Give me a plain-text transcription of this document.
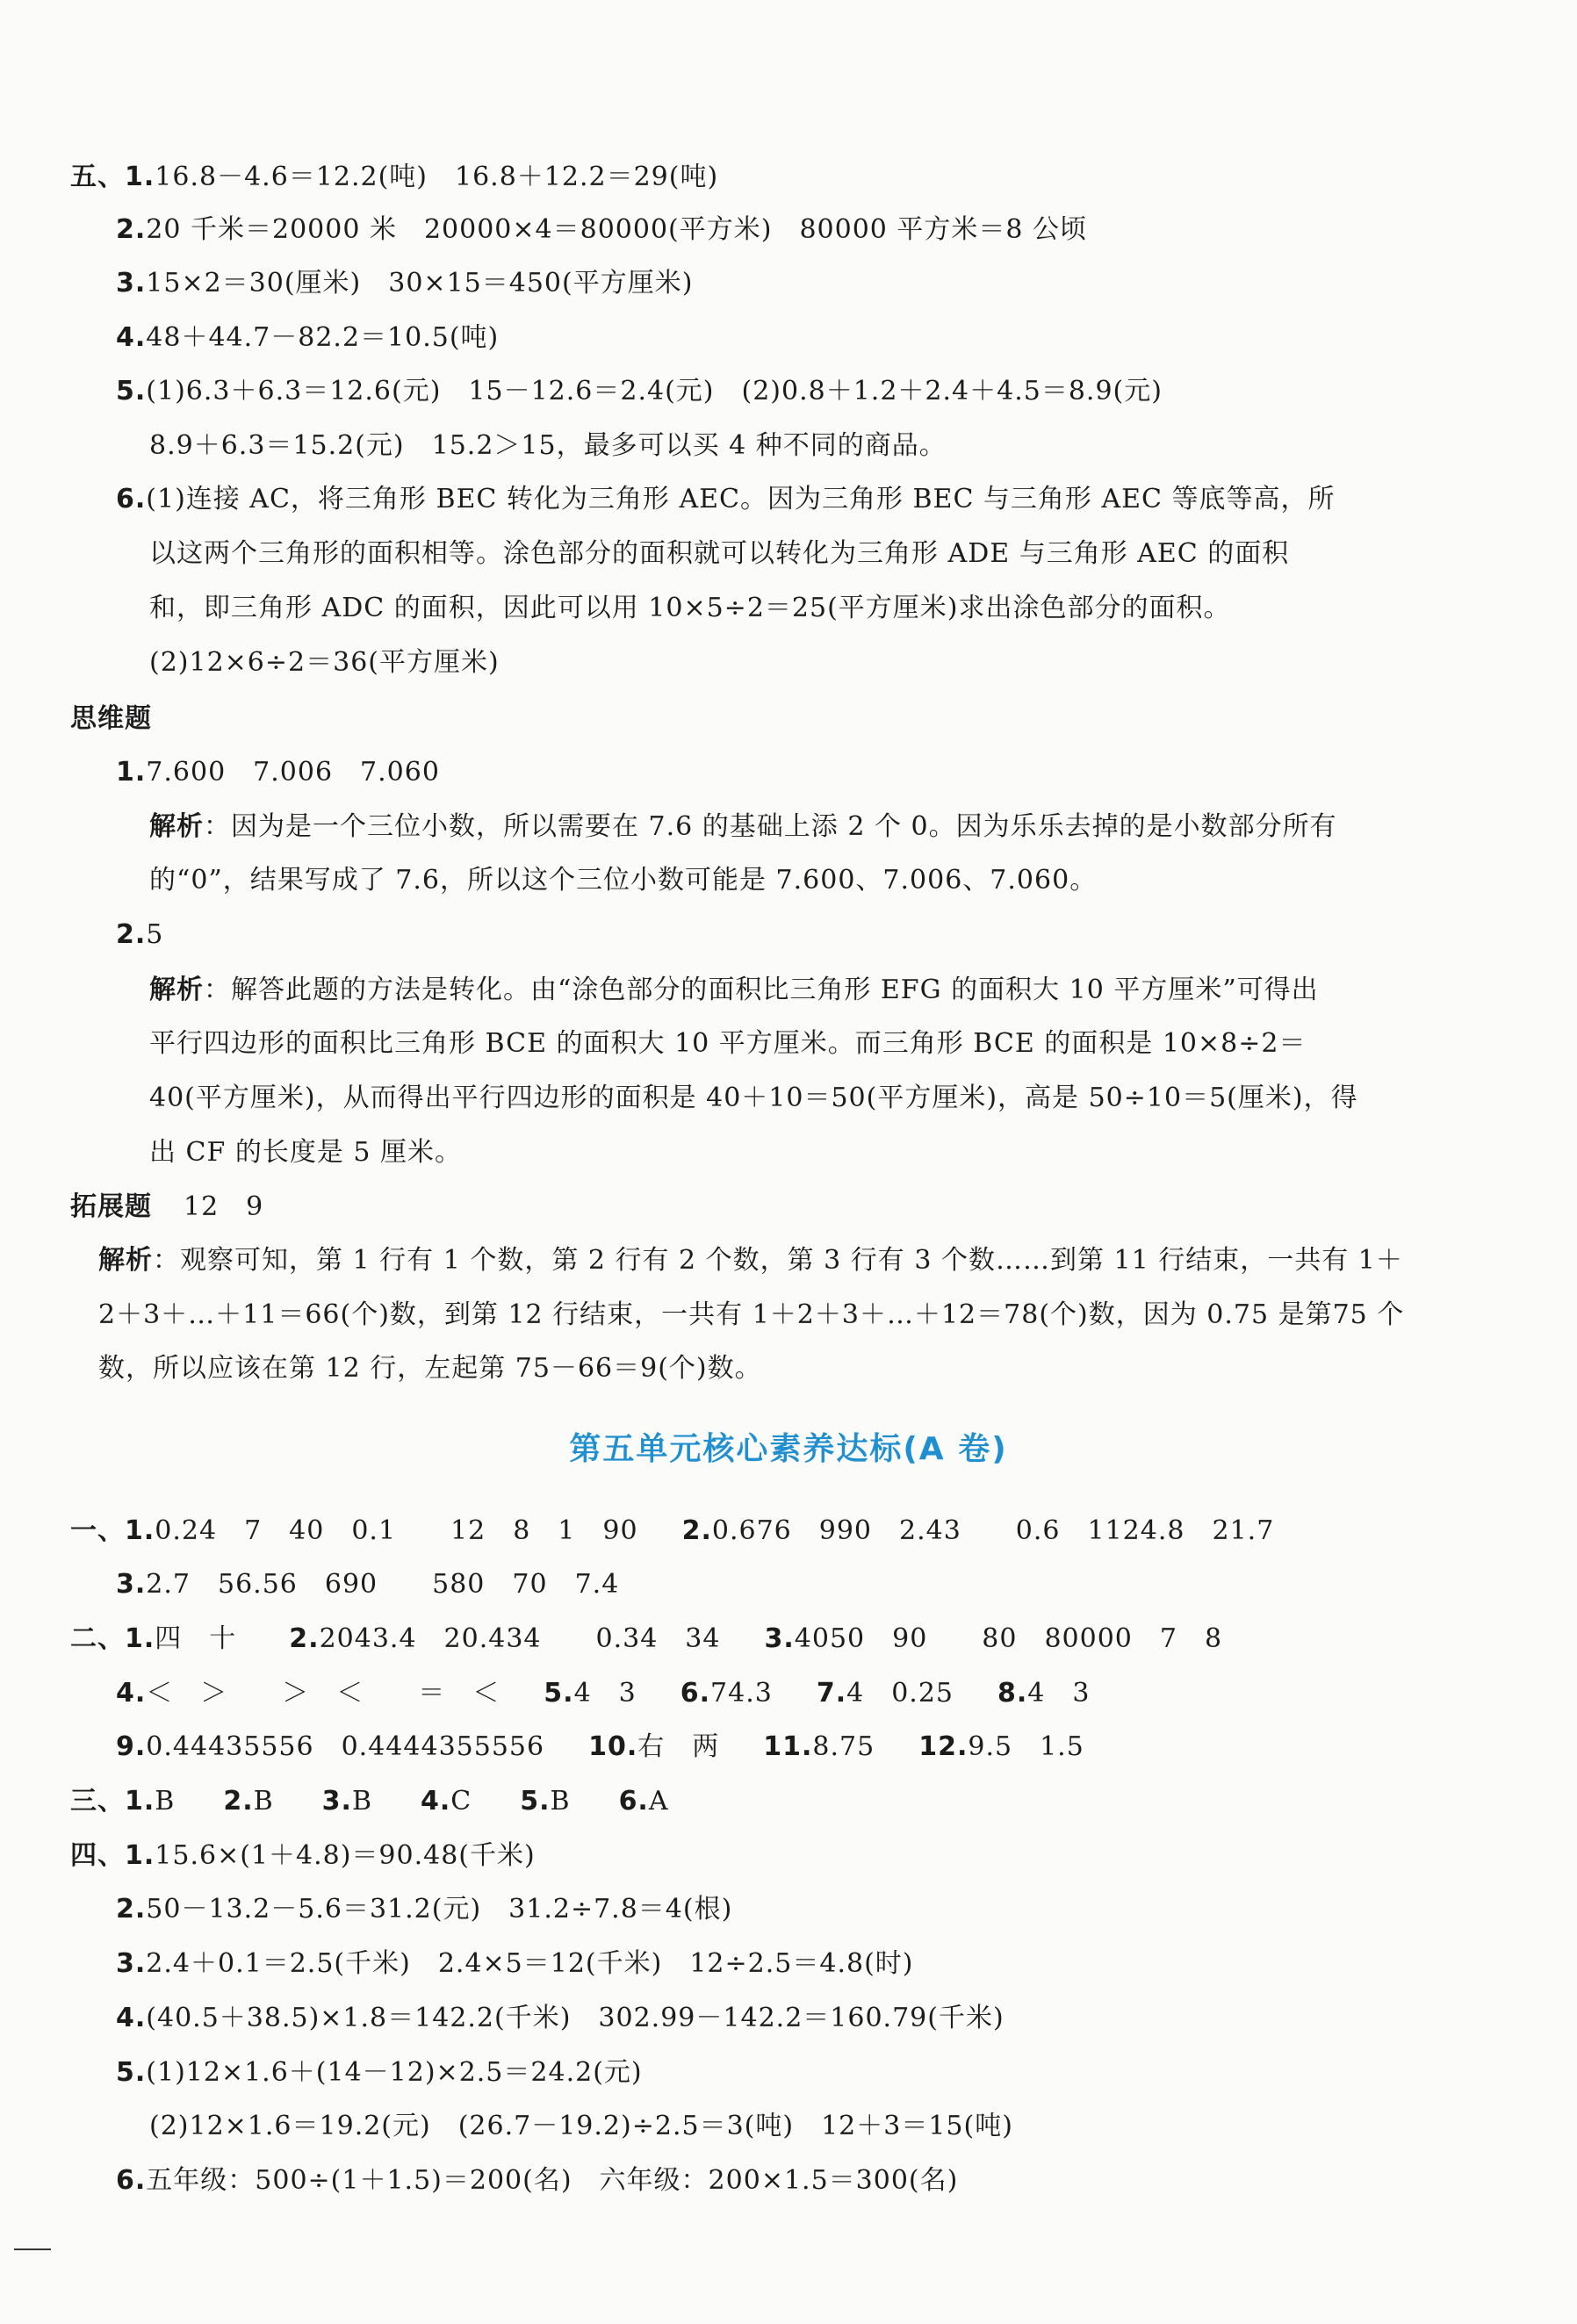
五、1.16.8－4.6＝12.2(吨)　16.8＋12.2＝29(吨)
2.20 千米＝20000 米　20000×4＝80000(平方米)　80000 平方米＝8 公顷
3.15×2＝30(厘米)　30×15＝450(平方厘米)
4.48＋44.7－82.2＝10.5(吨)
5.(1)6.3＋6.3＝12.6(元)　15－12.6＝2.4(元)　(2)0.8＋1.2＋2.4＋4.5＝8.9(元)
8.9＋6.3＝15.2(元)　15.2＞15，最多可以买 4 种不同的商品。
6.(1)连接 AC，将三角形 BEC 转化为三角形 AEC。因为三角形 BEC 与三角形 AEC 等底等高，所
以这两个三角形的面积相等。涂色部分的面积就可以转化为三角形 ADE 与三角形 AEC 的面积
和，即三角形 ADC 的面积，因此可以用 10×5÷2＝25(平方厘米)求出涂色部分的面积。
(2)12×6÷2＝36(平方厘米)
思维题
1.7.600　7.006　7.060
解析：因为是一个三位小数，所以需要在 7.6 的基础上添 2 个 0。因为乐乐去掉的是小数部分所有
的“0”，结果写成了 7.6，所以这个三位小数可能是 7.600、7.006、7.060。
2.5
解析：解答此题的方法是转化。由“涂色部分的面积比三角形 EFG 的面积大 10 平方厘米”可得出
平行四边形的面积比三角形 BCE 的面积大 10 平方厘米。而三角形 BCE 的面积是 10×8÷2＝
40(平方厘米)，从而得出平行四边形的面积是 40＋10＝50(平方厘米)，高是 50÷10＝5(厘米)，得
出 CF 的长度是 5 厘米。
拓展题 12　9
解析：观察可知，第 1 行有 1 个数，第 2 行有 2 个数，第 3 行有 3 个数……到第 11 行结束，一共有 1＋
2＋3＋…＋11＝66(个)数，到第 12 行结束，一共有 1＋2＋3＋…＋12＝78(个)数，因为 0.75 是第75 个
数，所以应该在第 12 行，左起第 75－66＝9(个)数。
第五单元核心素养达标(A 卷)
一、1.0.24　7　40　0.1　　12　8　1　90 2.0.676　990　2.43　　0.6　1124.8　21.7
3.2.7　56.56　690　　580　70　7.4
二、1.四　十 2.2043.4　20.434　　0.34　34 3.4050　90　　80　80000　7　8
4.＜　＞　　＞　＜　　＝　＜ 5.4　3 6.74.3 7.4　0.25 8.4　3
9.0.44435556　0.4444355556 10.右　两 11.8.75 12.9.5　1.5
三、1.B 2.B 3.B 4.C 5.B 6.A
四、1.15.6×(1＋4.8)＝90.48(千米)
2.50－13.2－5.6＝31.2(元)　31.2÷7.8＝4(根)
3.2.4＋0.1＝2.5(千米)　2.4×5＝12(千米)　12÷2.5＝4.8(时)
4.(40.5＋38.5)×1.8＝142.2(千米)　302.99－142.2＝160.79(千米)
5.(1)12×1.6＋(14－12)×2.5＝24.2(元)
(2)12×1.6＝19.2(元)　(26.7－19.2)÷2.5＝3(吨)　12＋3＝15(吨)
6.五年级：500÷(1＋1.5)＝200(名)　六年级：200×1.5＝300(名)
